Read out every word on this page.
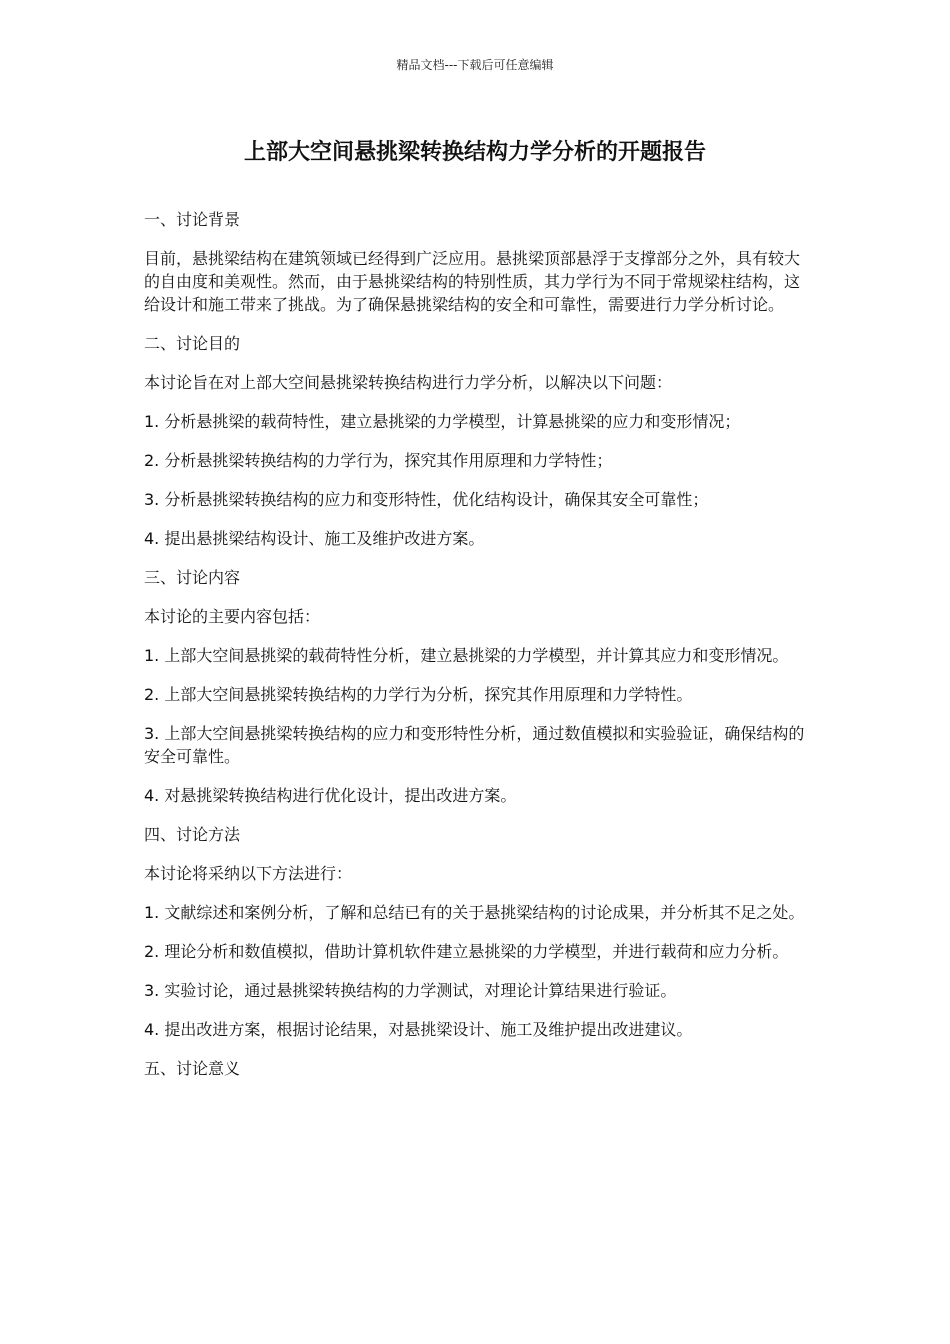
精品文档---下载后可任意编辑
上部大空间悬挑梁转换结构力学分析的开题报告

一、讨论背景

目前，悬挑梁结构在建筑领域已经得到广泛应用。悬挑梁顶部悬浮于支撑部分之外，具有较大的自由度和美观性。然而，由于悬挑梁结构的特别性质，其力学行为不同于常规梁柱结构，这给设计和施工带来了挑战。为了确保悬挑梁结构的安全和可靠性，需要进行力学分析讨论。

二、讨论目的

本讨论旨在对上部大空间悬挑梁转换结构进行力学分析，以解决以下问题：

1. 分析悬挑梁的载荷特性，建立悬挑梁的力学模型，计算悬挑梁的应力和变形情况；

2. 分析悬挑梁转换结构的力学行为，探究其作用原理和力学特性；

3. 分析悬挑梁转换结构的应力和变形特性，优化结构设计，确保其安全可靠性；

4. 提出悬挑梁结构设计、施工及维护改进方案。

三、讨论内容

本讨论的主要内容包括：

1. 上部大空间悬挑梁的载荷特性分析，建立悬挑梁的力学模型，并计算其应力和变形情况。

2. 上部大空间悬挑梁转换结构的力学行为分析，探究其作用原理和力学特性。

3. 上部大空间悬挑梁转换结构的应力和变形特性分析，通过数值模拟和实验验证，确保结构的安全可靠性。

4. 对悬挑梁转换结构进行优化设计，提出改进方案。

四、讨论方法

本讨论将采纳以下方法进行：

1. 文献综述和案例分析，了解和总结已有的关于悬挑梁结构的讨论成果，并分析其不足之处。

2. 理论分析和数值模拟，借助计算机软件建立悬挑梁的力学模型，并进行载荷和应力分析。

3. 实验讨论，通过悬挑梁转换结构的力学测试，对理论计算结果进行验证。

4. 提出改进方案，根据讨论结果，对悬挑梁设计、施工及维护提出改进建议。

五、讨论意义
